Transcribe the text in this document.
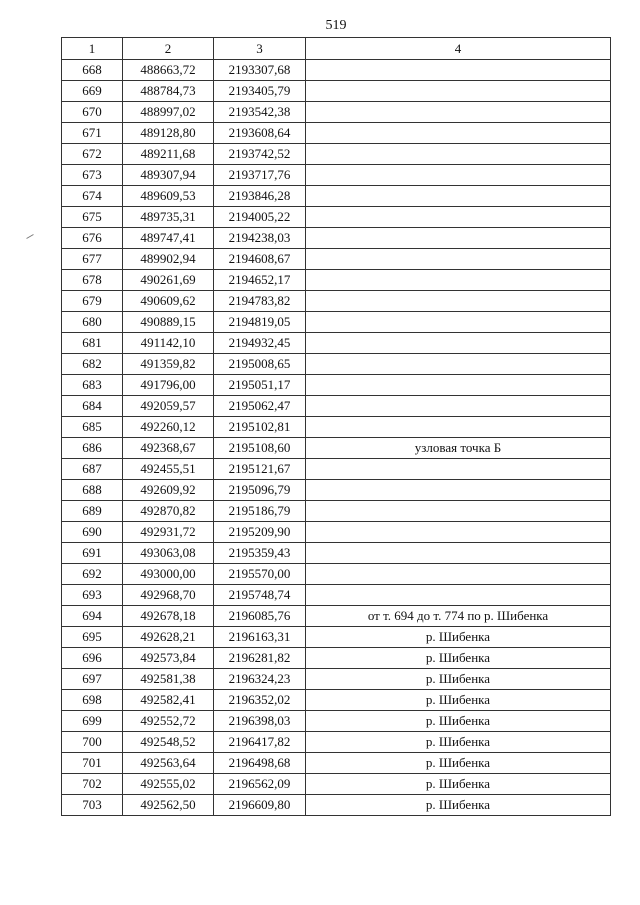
519
1	2	3	4
668	488663,72	2193307,68	
669	488784,73	2193405,79	
670	488997,02	2193542,38	
671	489128,80	2193608,64	
672	489211,68	2193742,52	
673	489307,94	2193717,76	
674	489609,53	2193846,28	
675	489735,31	2194005,22	
676	489747,41	2194238,03	
677	489902,94	2194608,67	
678	490261,69	2194652,17	
679	490609,62	2194783,82	
680	490889,15	2194819,05	
681	491142,10	2194932,45	
682	491359,82	2195008,65	
683	491796,00	2195051,17	
684	492059,57	2195062,47	
685	492260,12	2195102,81	
686	492368,67	2195108,60	узловая точка Б
687	492455,51	2195121,67	
688	492609,92	2195096,79	
689	492870,82	2195186,79	
690	492931,72	2195209,90	
691	493063,08	2195359,43	
692	493000,00	2195570,00	
693	492968,70	2195748,74	
694	492678,18	2196085,76	от т. 694 до т. 774 по р. Шибенка
695	492628,21	2196163,31	р. Шибенка
696	492573,84	2196281,82	р. Шибенка
697	492581,38	2196324,23	р. Шибенка
698	492582,41	2196352,02	р. Шибенка
699	492552,72	2196398,03	р. Шибенка
700	492548,52	2196417,82	р. Шибенка
701	492563,64	2196498,68	р. Шибенка
702	492555,02	2196562,09	р. Шибенка
703	492562,50	2196609,80	р. Шибенка
